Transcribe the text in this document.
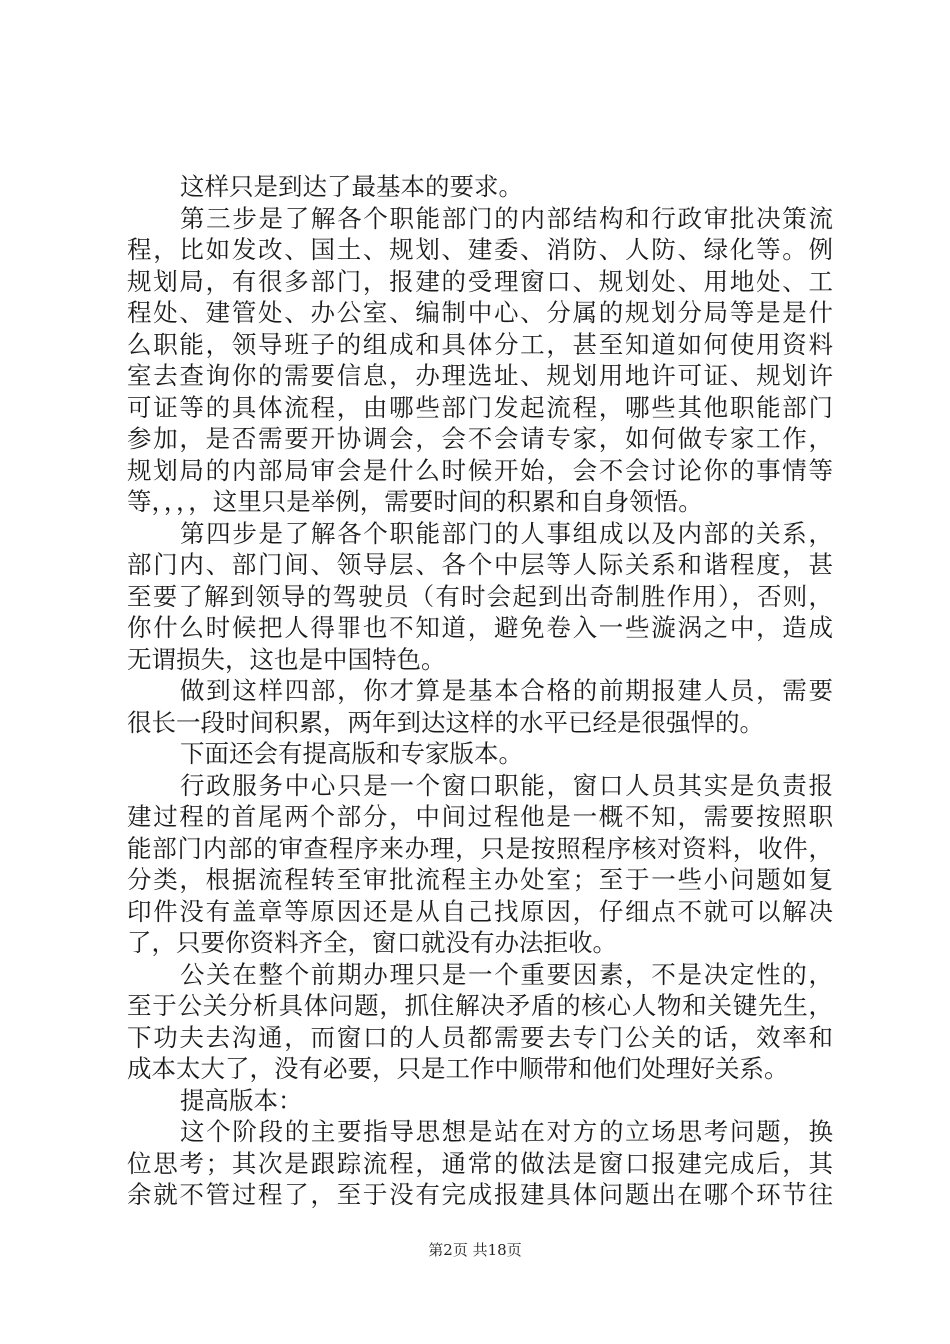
这样只是到达了最基本的要求。
第三步是了解各个职能部门的内部结构和行政审批决策流
程，比如发改、国土、规划、建委、消防、人防、绿化等。例
规划局，有很多部门，报建的受理窗口、规划处、用地处、工
程处、建管处、办公室、编制中心、分属的规划分局等是是什
么职能，领导班子的组成和具体分工，甚至知道如何使用资料
室去查询你的需要信息，办理选址、规划用地许可证、规划许
可证等的具体流程，由哪些部门发起流程，哪些其他职能部门
参加，是否需要开协调会，会不会请专家，如何做专家工作，
规划局的内部局审会是什么时候开始，会不会讨论你的事情等
等，，，，这里只是举例，需要时间的积累和自身领悟。
第四步是了解各个职能部门的人事组成以及内部的关系，
部门内、部门间、领导层、各个中层等人际关系和谐程度，甚
至要了解到领导的驾驶员（有时会起到出奇制胜作用），否则，
你什么时候把人得罪也不知道，避免卷入一些漩涡之中，造成
无谓损失，这也是中国特色。
做到这样四部，你才算是基本合格的前期报建人员，需要
很长一段时间积累，两年到达这样的水平已经是很强悍的。
下面还会有提高版和专家版本。
行政服务中心只是一个窗口职能，窗口人员其实是负责报
建过程的首尾两个部分，中间过程他是一概不知，需要按照职
能部门内部的审查程序来办理，只是按照程序核对资料，收件，
分类，根据流程转至审批流程主办处室；至于一些小问题如复
印件没有盖章等原因还是从自己找原因，仔细点不就可以解决
了，只要你资料齐全，窗口就没有办法拒收。
公关在整个前期办理只是一个重要因素，不是决定性的，
至于公关分析具体问题，抓住解决矛盾的核心人物和关键先生，
下功夫去沟通，而窗口的人员都需要去专门公关的话，效率和
成本太大了，没有必要，只是工作中顺带和他们处理好关系。
提高版本：
这个阶段的主要指导思想是站在对方的立场思考问题，换
位思考；其次是跟踪流程，通常的做法是窗口报建完成后，其
余就不管过程了，至于没有完成报建具体问题出在哪个环节往
第2页 共18页
